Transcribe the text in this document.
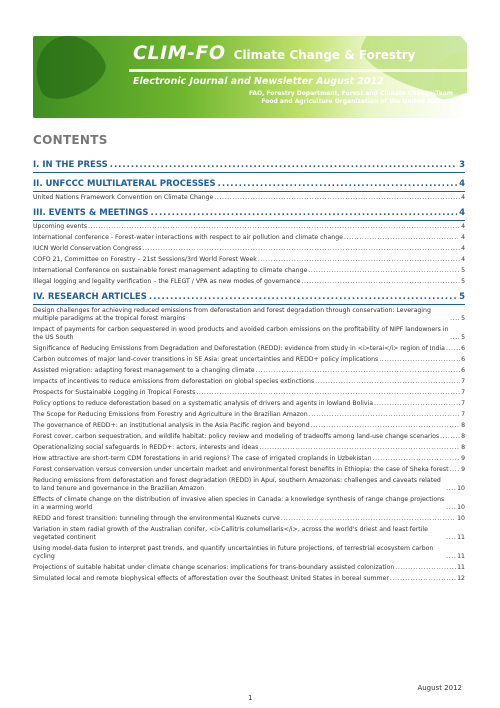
CLIM-FO Climate Change & Forestry
Electronic Journal and Newsletter August 2012
FAO, Forestry Department, Forest and Climate Change Team
Food and Agriculture Organization of the United Nations
CONTENTS
I. IN THE PRESS .....	3
II. UNFCCC MULTILATERAL PROCESSES .....	4
United Nations Framework Convention on Climate Change .....	4
III. EVENTS & MEETINGS .....	4
Upcoming events .....	4
International conference - Forest-water interactions with respect to air pollution and climate change .....	4
IUCN World Conservation Congress .....	4
COFO 21, Committee on Forestry – 21st Sessions/3rd World Forest Week .....	4
International Conference on sustainable forest management adapting to climate change .....	5
Illegal logging and legality verification – the FLEGT / VPA as new modes of governance .....	5
IV. RESEARCH ARTICLES .....	5
Design challenges for achieving reduced emissions from deforestation and forest degradation through conservation: Leveraging multiple paradigms at the tropical forest margins .....	5
Impact of payments for carbon sequestered in wood products and avoided carbon emissions on the profitability of NIPF landowners in the US South .....	5
Significance of Reducing Emissions from Degradation and Deforestation (REDD): evidence from study in <i>terai</i> region of India .....	6
Carbon outcomes of major land-cover transitions in SE Asia: great uncertainties and REDD+ policy implications .....	6
Assisted migration: adapting forest management to a changing climate .....	6
Impacts of incentives to reduce emissions from deforestation on global species extinctions .....	7
Prospects for Sustainable Logging in Tropical Forests .....	7
Policy options to reduce deforestation based on a systematic analysis of drivers and agents in lowland Bolivia .....	7
The Scope for Reducing Emissions from Forestry and Agriculture in the Brazilian Amazon .....	7
The governance of REDD+: an institutional analysis in the Asia Pacific region and beyond .....	8
Forest cover, carbon sequestration, and wildlife habitat: policy review and modeling of tradeoffs among land-use change scenarios .....	8
Operationalizing social safeguards in REDD+: actors, interests and ideas .....	8
How attractive are short-term CDM forestations in arid regions? The case of irrigated croplands in Uzbekistan .....	9
Forest conservation versus conversion under uncertain market and environmental forest benefits in Ethiopia: the case of Sheka forest ..... 9
Reducing emissions from deforestation and forest degradation (REDD) in Apuí, southern Amazonas: challenges and caveats related to land tenure and governance in the Brazilian Amazon .....	10
Effects of climate change on the distribution of invasive alien species in Canada: a knowledge synthesis of range change projections in a warming world .....	10
REDD and forest transition: tunneling through the environmental Kuznets curve .....	10
Variation in stem radial growth of the Australian conifer, <i>Callitris columellaris</i>, across the world's driest and least fertile vegetated continent .....	11
Using model-data fusion to interpret past trends, and quantify uncertainties in future projections, of terrestrial ecosystem carbon cycling .....	11
Projections of suitable habitat under climate change scenarios: implications for trans-boundary assisted colonization .....	11
Simulated local and remote biophysical effects of afforestation over the Southeast United States in boreal summer .....	12
August 2012
1
